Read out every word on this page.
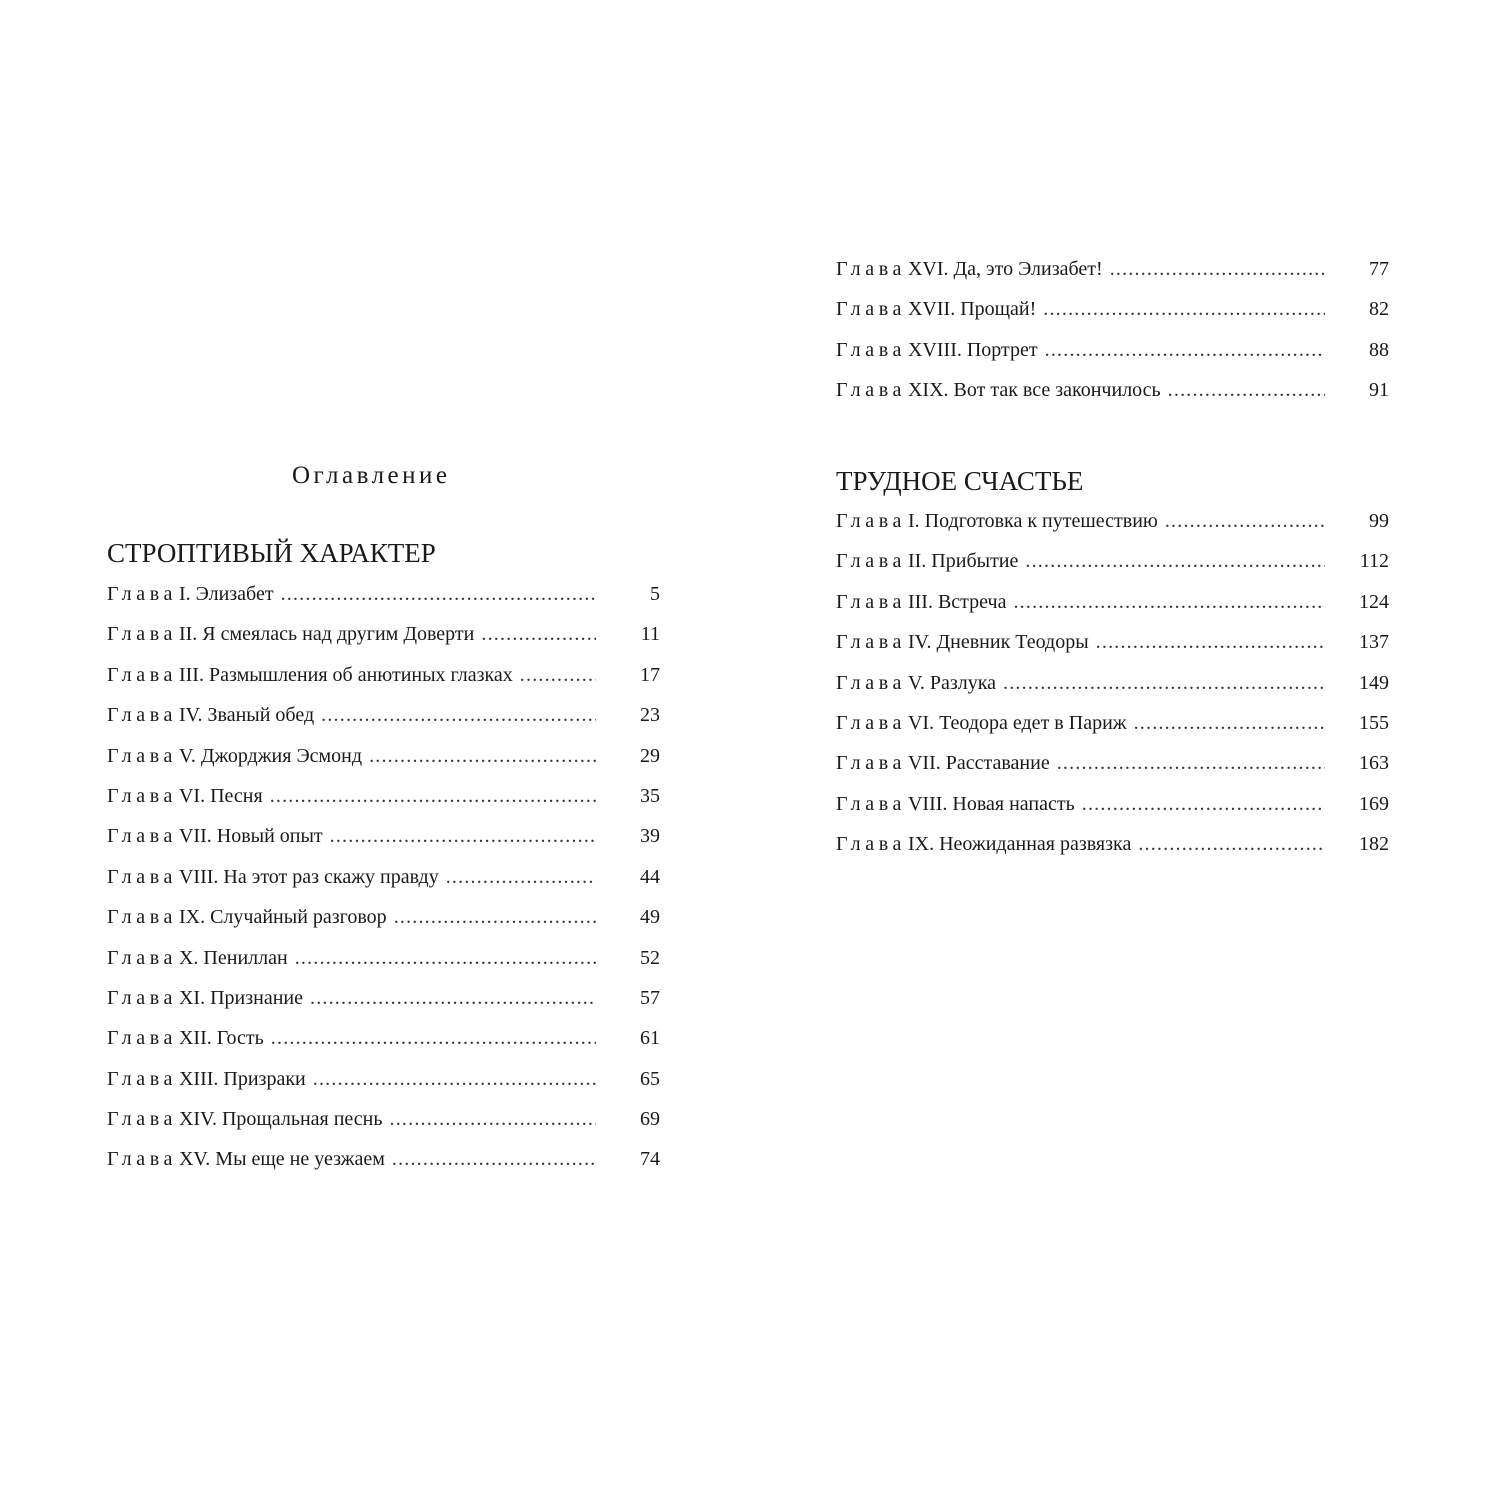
Оглавление
СТРОПТИВЫЙ ХАРАКТЕР
Глава I. Элизабет .....	5
Глава II. Я смеялась над другим Доверти .....	11
Глава III. Размышления об анютиных глазках .....	17
Глава IV. Званый обед .....	23
Глава V. Джорджия Эсмонд .....	29
Глава VI. Песня .....	35
Глава VII. Новый опыт .....	39
Глава VIII. На этот раз скажу правду .....	44
Глава IX. Случайный разговор .....	49
Глава X. Пениллан .....	52
Глава XI. Признание .....	57
Глава XII. Гость .....	61
Глава XIII. Призраки .....	65
Глава XIV. Прощальная песнь .....	69
Глава XV. Мы еще не уезжаем .....	74
Глава XVI. Да, это Элизабет! .....	77
Глава XVII. Прощай! .....	82
Глава XVIII. Портрет .....	88
Глава XIX. Вот так все закончилось .....	91
ТРУДНОЕ СЧАСТЬЕ
Глава I. Подготовка к путешествию .....	99
Глава II. Прибытие .....	112
Глава III. Встреча .....	124
Глава IV. Дневник Теодоры .....	137
Глава V. Разлука .....	149
Глава VI. Теодора едет в Париж .....	155
Глава VII. Расставание .....	163
Глава VIII. Новая напасть .....	169
Глава IX. Неожиданная развязка .....	182
